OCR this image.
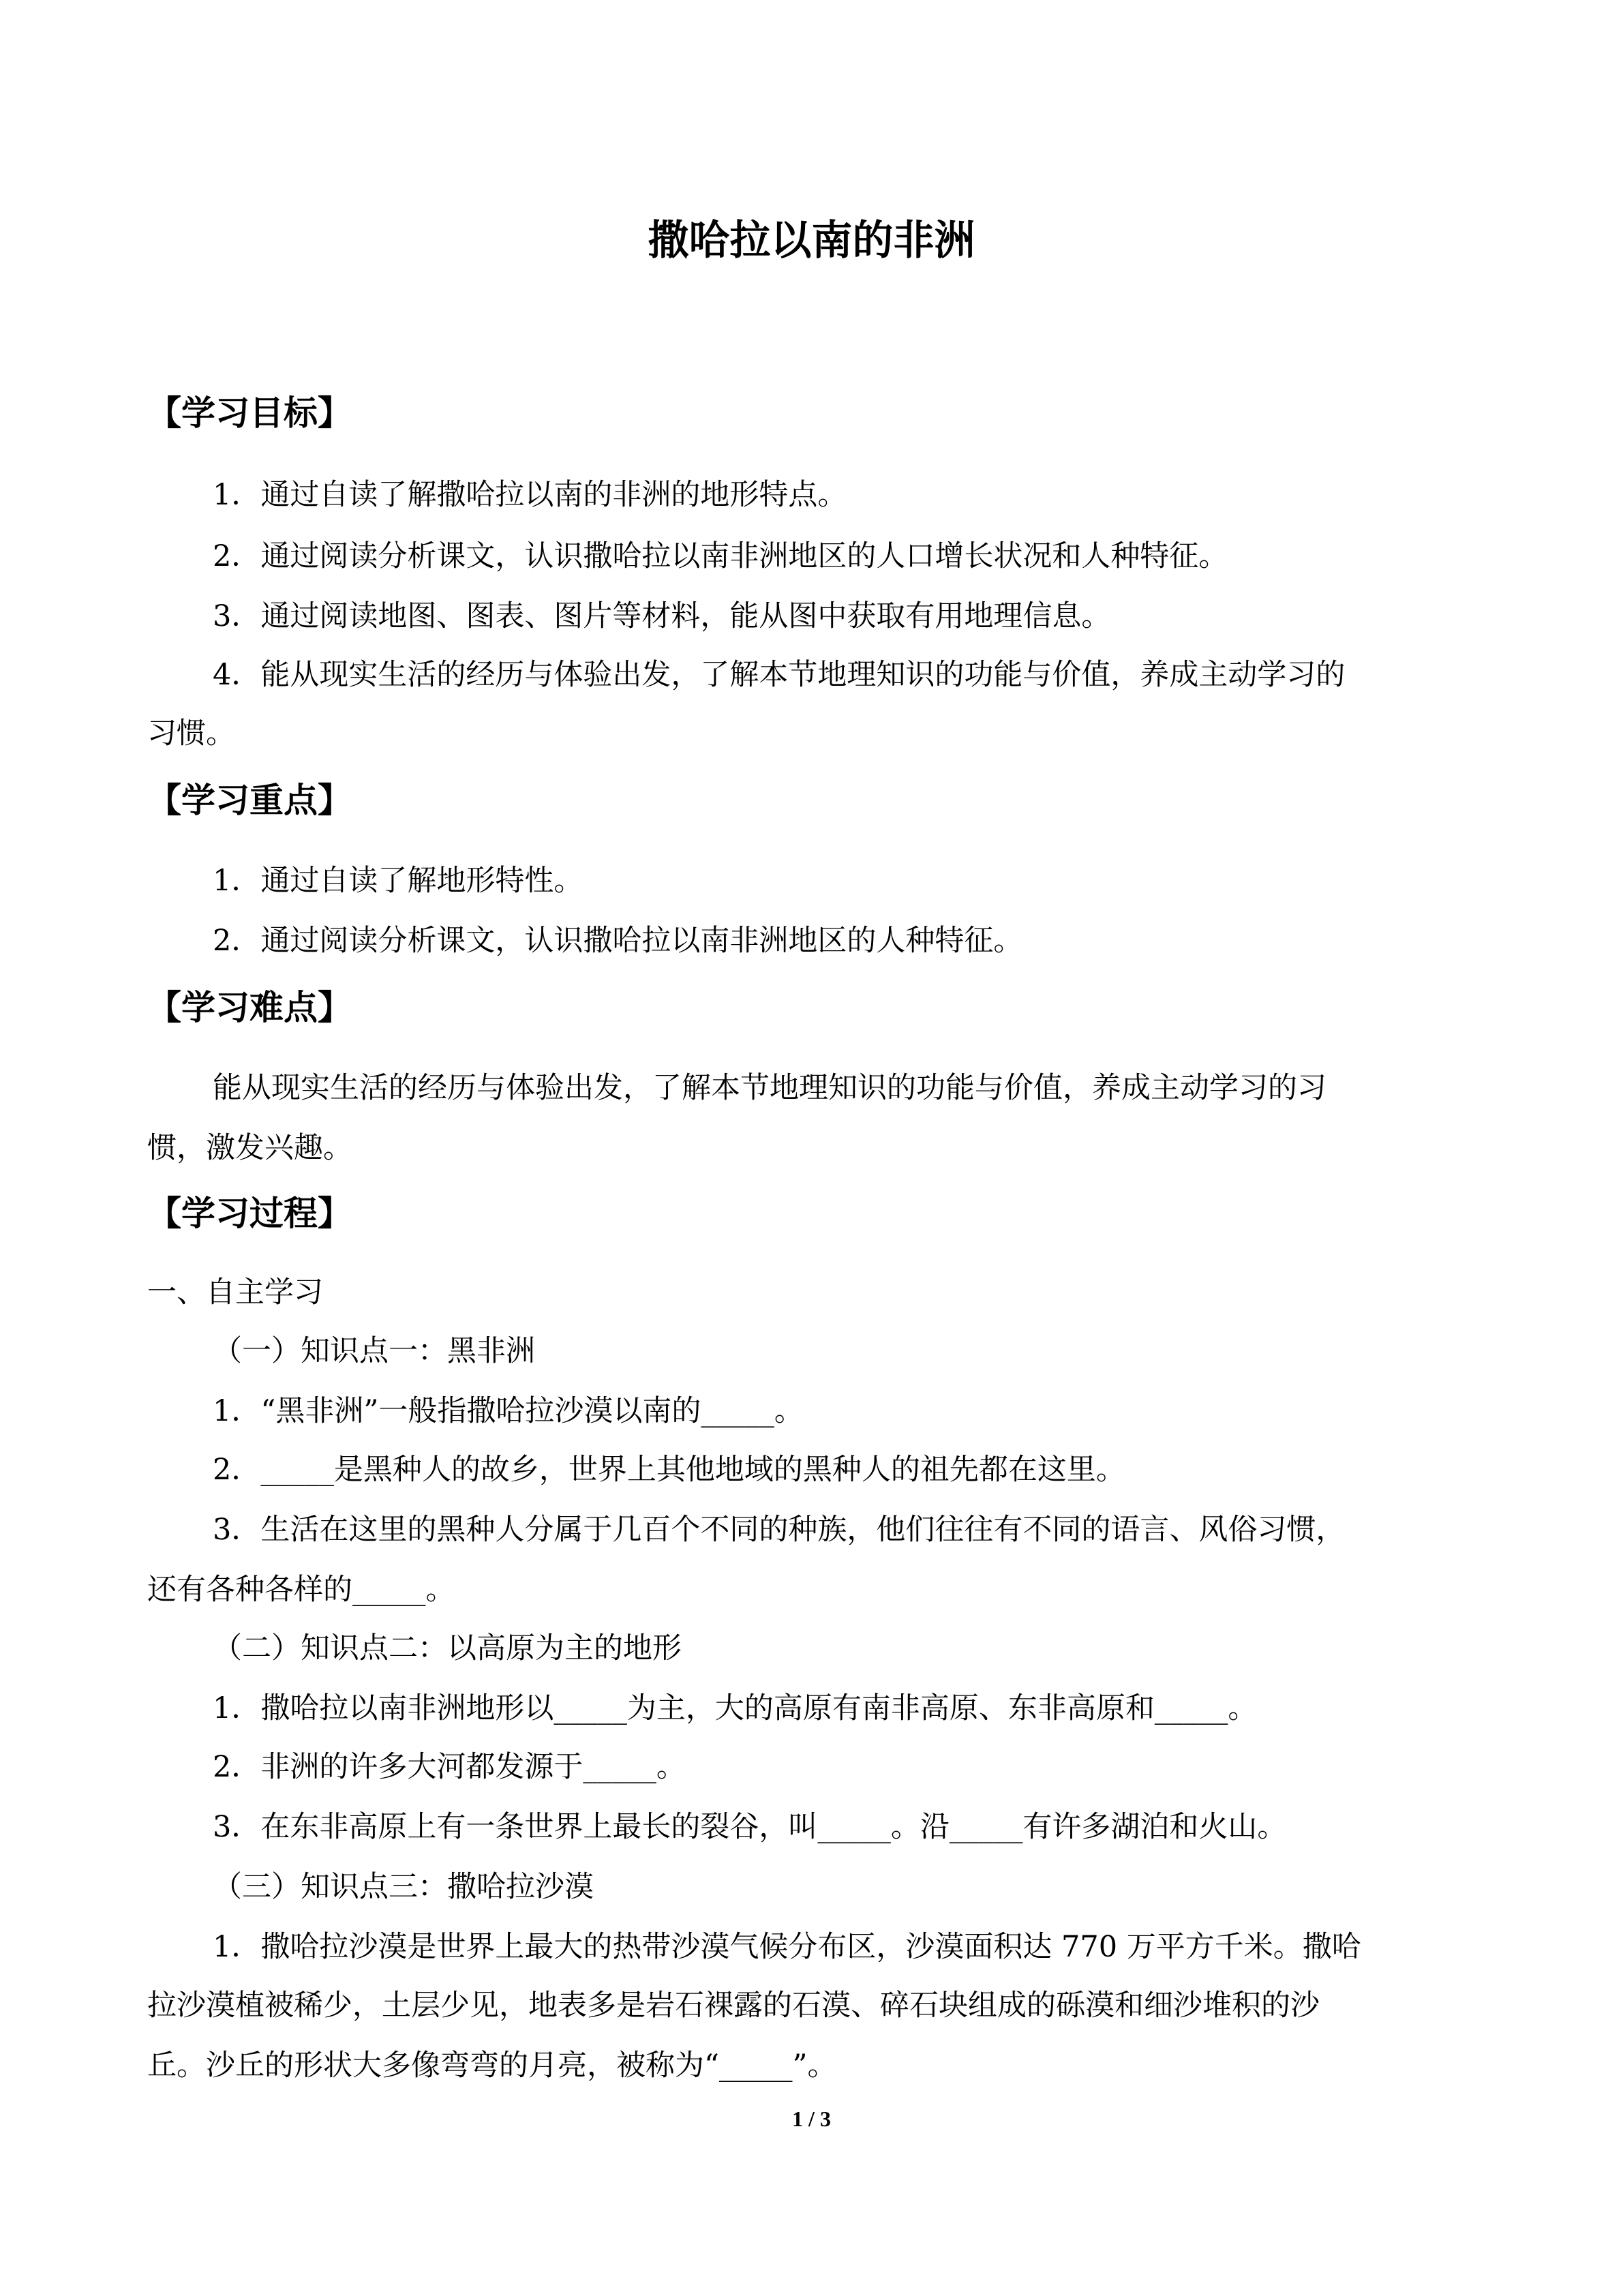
撒哈拉以南的非洲
【学习目标】
1．通过自读了解撒哈拉以南的非洲的地形特点。
2．通过阅读分析课文，认识撒哈拉以南非洲地区的人口增长状况和人种特征。
3．通过阅读地图、图表、图片等材料，能从图中获取有用地理信息。
4．能从现实生活的经历与体验出发，了解本节地理知识的功能与价值，养成主动学习的
习惯。
【学习重点】
1．通过自读了解地形特性。
2．通过阅读分析课文，认识撒哈拉以南非洲地区的人种特征。
【学习难点】
能从现实生活的经历与体验出发，了解本节地理知识的功能与价值，养成主动学习的习
惯，激发兴趣。
【学习过程】
一、自主学习
（一）知识点一：黑非洲
1．“黑非洲”一般指撒哈拉沙漠以南的_____。
2．_____是黑种人的故乡，世界上其他地域的黑种人的祖先都在这里。
3．生活在这里的黑种人分属于几百个不同的种族，他们往往有不同的语言、风俗习惯，
还有各种各样的_____。
（二）知识点二：以高原为主的地形
1．撒哈拉以南非洲地形以_____为主，大的高原有南非高原、东非高原和_____。
2．非洲的许多大河都发源于_____。
3．在东非高原上有一条世界上最长的裂谷，叫_____。沿_____有许多湖泊和火山。
（三）知识点三：撒哈拉沙漠
1．撒哈拉沙漠是世界上最大的热带沙漠气候分布区，沙漠面积达 770 万平方千米。撒哈
拉沙漠植被稀少，土层少见，地表多是岩石裸露的石漠、碎石块组成的砾漠和细沙堆积的沙
丘。沙丘的形状大多像弯弯的月亮，被称为“_____”。
1 / 3
